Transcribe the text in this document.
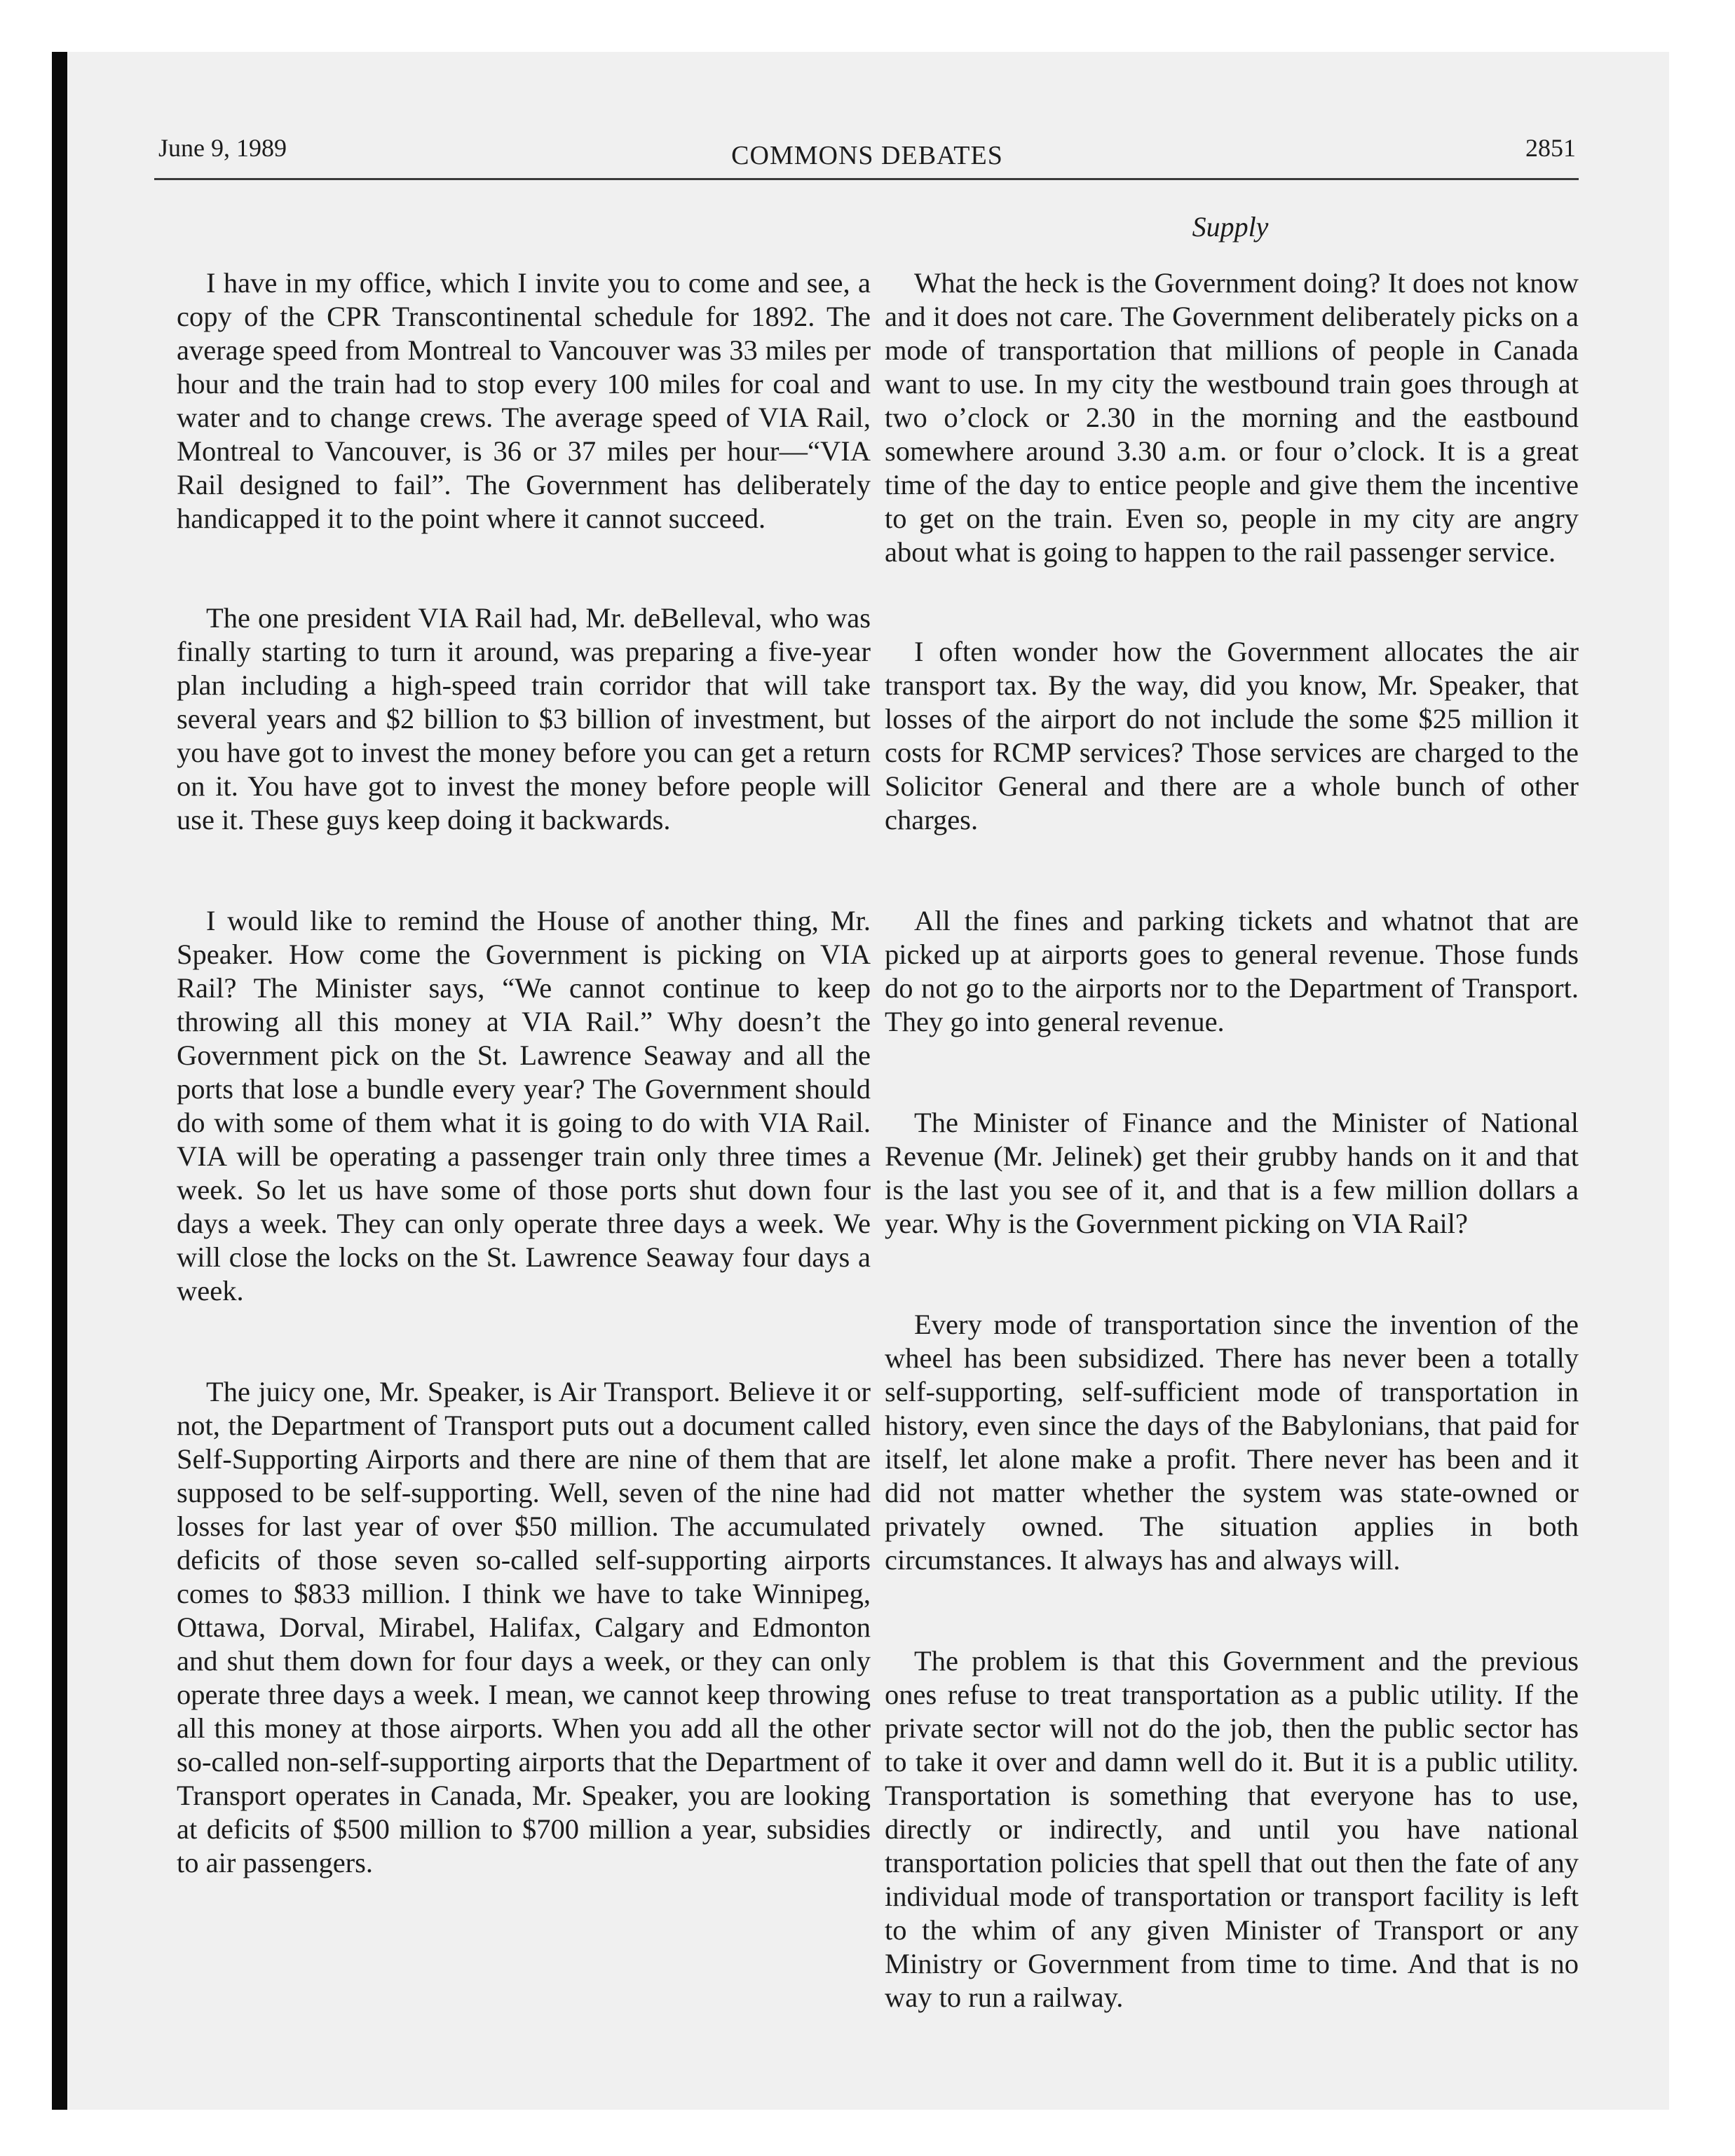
June 9, 1989	COMMONS DEBATES	2851
Supply

I have in my office, which I invite you to come and see, a copy of the CPR Transcontinental schedule for 1892. The average speed from Montreal to Vancouver was 33 miles per hour and the train had to stop every 100 miles for coal and water and to change crews. The average speed of VIA Rail, Montreal to Vancouver, is 36 or 37 miles per hour—“VIA Rail designed to fail”. The Government has deliberately handicapped it to the point where it cannot succeed.

The one president VIA Rail had, Mr. deBelleval, who was finally starting to turn it around, was preparing a five-year plan including a high-speed train corridor that will take several years and $2 billion to $3 billion of investment, but you have got to invest the money before you can get a return on it. You have got to invest the money before people will use it. These guys keep doing it backwards.

I would like to remind the House of another thing, Mr. Speaker. How come the Government is picking on VIA Rail? The Minister says, “We cannot continue to keep throwing all this money at VIA Rail.” Why doesn’t the Government pick on the St. Lawrence Seaway and all the ports that lose a bundle every year? The Government should do with some of them what it is going to do with VIA Rail. VIA will be operating a passenger train only three times a week. So let us have some of those ports shut down four days a week. They can only operate three days a week. We will close the locks on the St. Lawrence Seaway four days a week.

The juicy one, Mr. Speaker, is Air Transport. Believe it or not, the Department of Transport puts out a document called Self-Supporting Airports and there are nine of them that are supposed to be self-supporting. Well, seven of the nine had losses for last year of over $50 million. The accumulated deficits of those seven so-called self-supporting airports comes to $833 million. I think we have to take Winnipeg, Ottawa, Dorval, Mirabel, Halifax, Calgary and Edmonton and shut them down for four days a week, or they can only operate three days a week. I mean, we cannot keep throwing all this money at those airports. When you add all the other so-called non-self-supporting airports that the Department of Transport operates in Canada, Mr. Speaker, you are looking at deficits of $500 million to $700 million a year, subsidies to air passengers.

What the heck is the Government doing? It does not know and it does not care. The Government deliberately picks on a mode of transportation that millions of people in Canada want to use. In my city the westbound train goes through at two o’clock or 2.30 in the morning and the eastbound somewhere around 3.30 a.m. or four o’clock. It is a great time of the day to entice people and give them the incentive to get on the train. Even so, people in my city are angry about what is going to happen to the rail passenger service.

I often wonder how the Government allocates the air transport tax. By the way, did you know, Mr. Speaker, that losses of the airport do not include the some $25 million it costs for RCMP services? Those services are charged to the Solicitor General and there are a whole bunch of other charges.

All the fines and parking tickets and whatnot that are picked up at airports goes to general revenue. Those funds do not go to the airports nor to the Department of Transport. They go into general revenue.

The Minister of Finance and the Minister of National Revenue (Mr. Jelinek) get their grubby hands on it and that is the last you see of it, and that is a few million dollars a year. Why is the Government picking on VIA Rail?

Every mode of transportation since the invention of the wheel has been subsidized. There has never been a totally self-supporting, self-sufficient mode of transportation in history, even since the days of the Babylonians, that paid for itself, let alone make a profit. There never has been and it did not matter whether the system was state-owned or privately owned. The situation applies in both circumstances. It always has and always will.

The problem is that this Government and the previous ones refuse to treat transportation as a public utility. If the private sector will not do the job, then the public sector has to take it over and damn well do it. But it is a public utility. Transportation is something that everyone has to use, directly or indirectly, and until you have national transportation policies that spell that out then the fate of any individual mode of transportation or transport facility is left to the whim of any given Minister of Transport or any Ministry or Government from time to time. And that is no way to run a railway.
